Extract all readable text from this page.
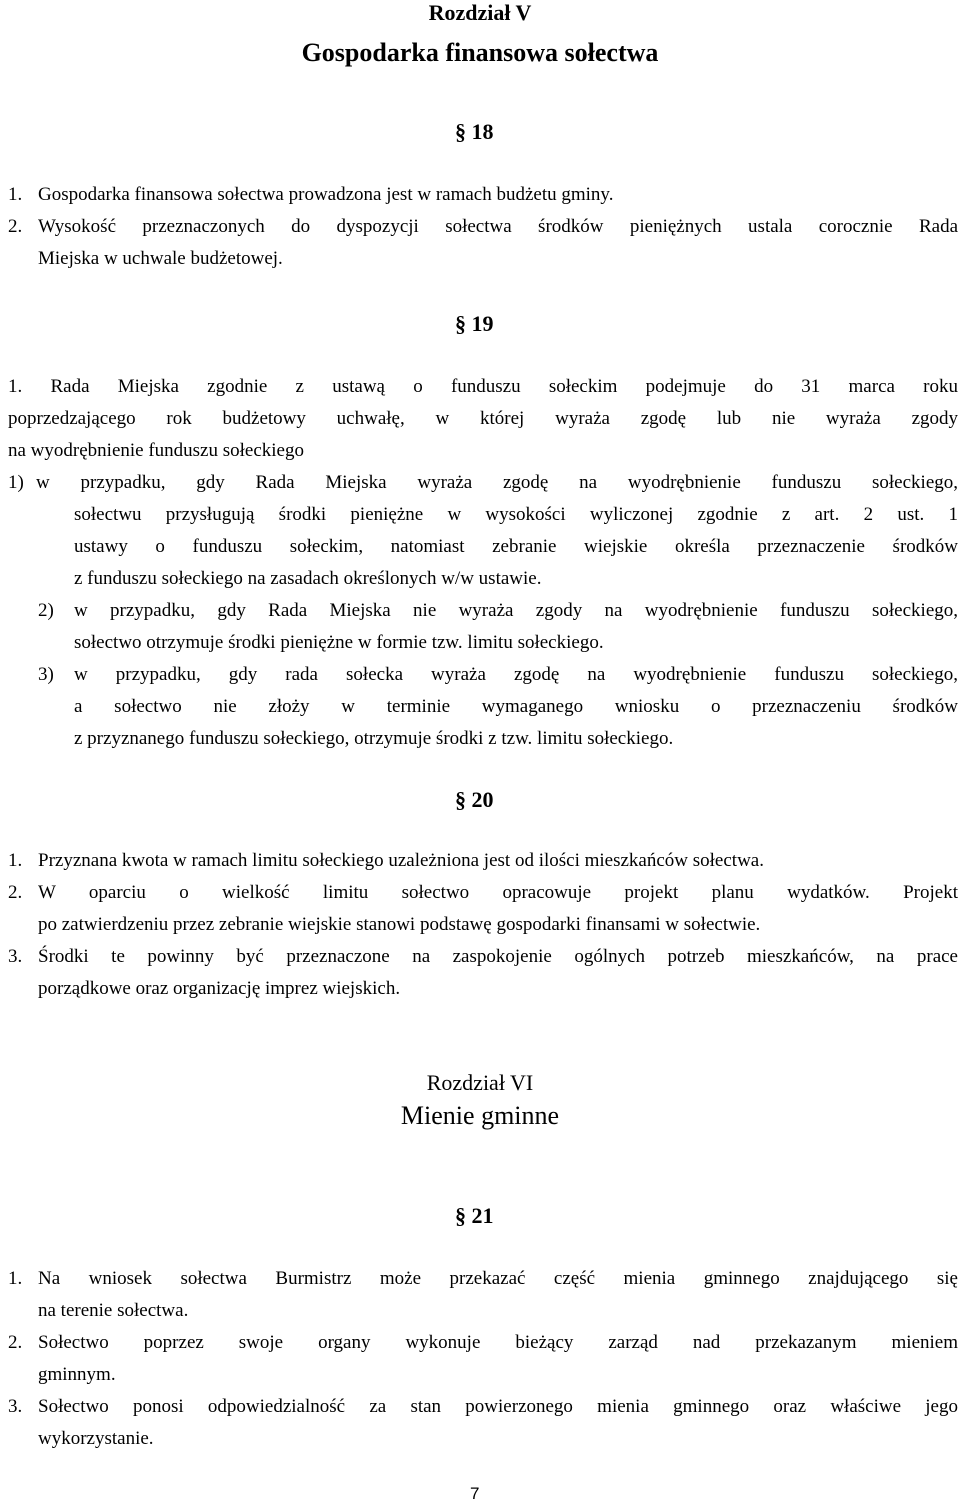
Rozdział V
Gospodarka finansowa sołectwa
§ 18
1. Gospodarka finansowa sołectwa prowadzona jest w ramach budżetu gminy.
2. Wysokość przeznaczonych do dyspozycji sołectwa środków pieniężnych ustala corocznie Rada
Miejska w uchwale budżetowej.
§ 19
1. Rada Miejska zgodnie z ustawą o funduszu sołeckim podejmuje do 31 marca roku
poprzedzającego rok budżetowy uchwałę, w której wyraża zgodę lub nie wyraża zgody
na wyodrębnienie funduszu sołeckiego
1) w przypadku, gdy Rada Miejska wyraża zgodę na wyodrębnienie funduszu sołeckiego,
sołectwu przysługują środki pieniężne w wysokości wyliczonej zgodnie z art. 2 ust. 1
ustawy o funduszu sołeckim, natomiast zebranie wiejskie określa przeznaczenie środków
z funduszu sołeckiego na zasadach określonych w/w ustawie.
2) w przypadku, gdy Rada Miejska nie wyraża zgody na wyodrębnienie funduszu sołeckiego,
sołectwo otrzymuje środki pieniężne w formie tzw. limitu sołeckiego.
3) w przypadku, gdy rada sołecka wyraża zgodę na wyodrębnienie funduszu sołeckiego,
a sołectwo nie złoży w terminie wymaganego wniosku o przeznaczeniu środków
z przyznanego funduszu sołeckiego, otrzymuje środki z tzw. limitu sołeckiego.
§ 20
1. Przyznana kwota w ramach limitu sołeckiego uzależniona jest od ilości mieszkańców sołectwa.
2. W oparciu o wielkość limitu sołectwo opracowuje projekt planu wydatków. Projekt
po zatwierdzeniu przez zebranie wiejskie stanowi podstawę gospodarki finansami w sołectwie.
3. Środki te powinny być przeznaczone na zaspokojenie ogólnych potrzeb mieszkańców, na prace
porządkowe oraz organizację imprez wiejskich.
Rozdział VI
Mienie gminne
§ 21
1. Na wniosek sołectwa Burmistrz może przekazać część mienia gminnego znajdującego się
na terenie sołectwa.
2. Sołectwo poprzez swoje organy wykonuje bieżący zarząd nad przekazanym mieniem
gminnym.
3. Sołectwo ponosi odpowiedzialność za stan powierzonego mienia gminnego oraz właściwe jego
wykorzystanie.
7
